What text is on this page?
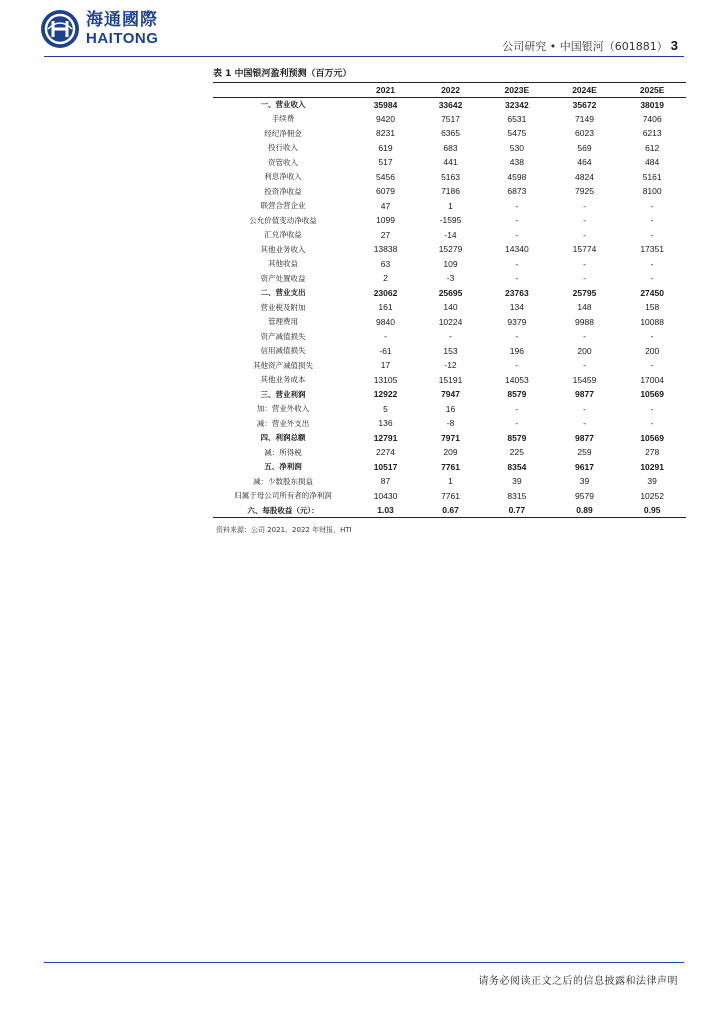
海通國際
HAITONG	公司研究 • 中国银河（601881） 3
表 1 中国银河盈利预测（百万元）
	2021	2022	2023E	2024E	2025E
一、营业收入	35984	33642	32342	35672	38019
手续费	9420	7517	6531	7149	7406
经纪净佣金	8231	6365	5475	6023	6213
投行收入	619	683	530	569	612
资管收入	517	441	438	464	484
利息净收入	5456	5163	4598	4824	5161
投资净收益	6079	7186	6873	7925	8100
联营合营企业	47	1	-	-	-
公允价值变动净收益	1099	-1595	-	-	-
汇兑净收益	27	-14	-	-	-
其他业务收入	13838	15279	14340	15774	17351
其他收益	63	109	-	-	-
资产处置收益	2	-3	-	-	-
二、营业支出	23062	25695	23763	25795	27450
营业税及附加	161	140	134	148	158
管理费用	9840	10224	9379	9988	10088
资产减值损失	-	-	-	-	-
信用减值损失	-61	153	196	200	200
其他资产减值损失	17	-12	-	-	-
其他业务成本	13105	15191	14053	15459	17004
三、营业利润	12922	7947	8579	9877	10569
加：营业外收入	5	16	-	-	-
减：营业外支出	136	-8	-	-	-
四、利润总额	12791	7971	8579	9877	10569
减：所得税	2274	209	225	259	278
五、净利润	10517	7761	8354	9617	10291
减：少数股东损益	87	1	39	39	39
归属于母公司所有者的净利润	10430	7761	8315	9579	10252
六、每股收益（元）：	1.03	0.67	0.77	0.89	0.95
资料来源：公司 2021、2022 年财报，HTI
请务必阅读正文之后的信息披露和法律声明
